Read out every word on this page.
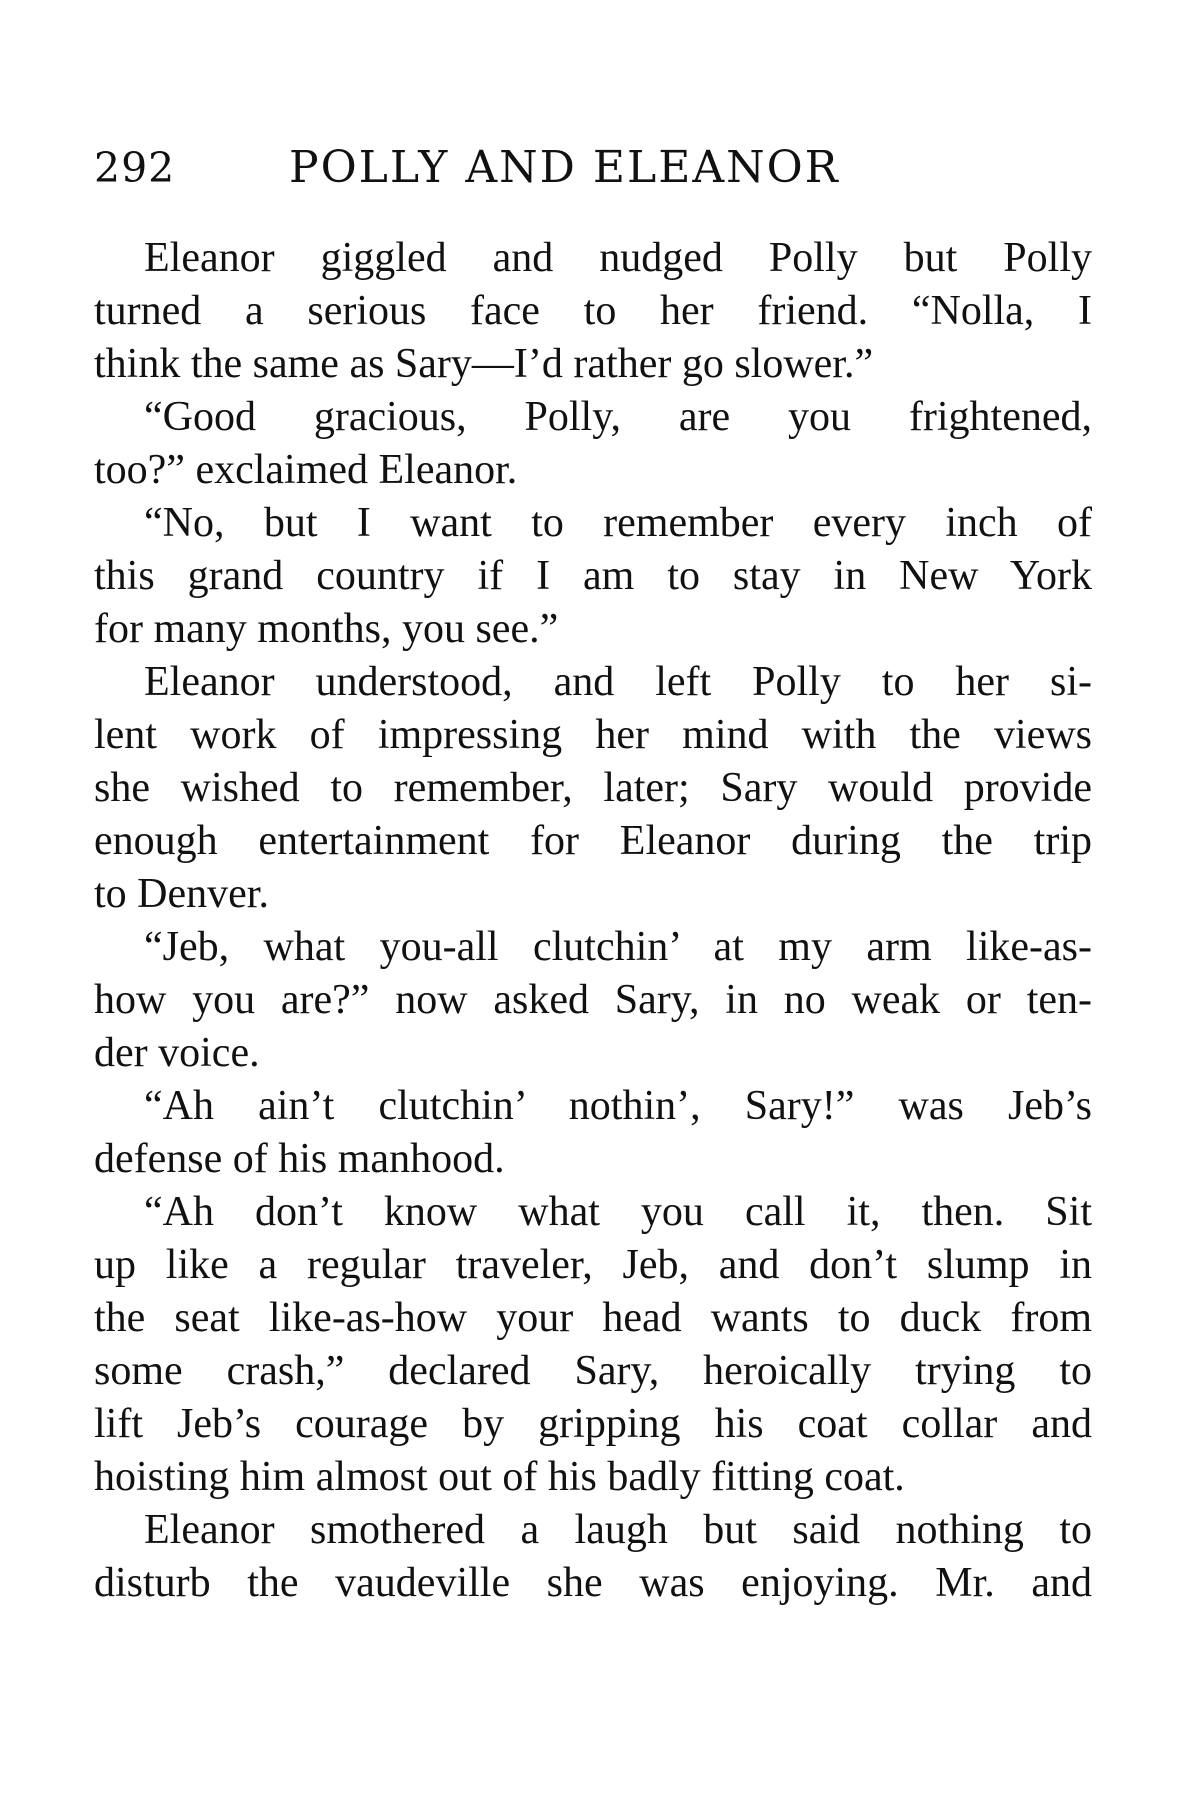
292	POLLY AND ELEANOR
Eleanor giggled and nudged Polly but Polly
turned a serious face to her friend. “Nolla, I
think the same as Sary—I’d rather go slower.”
“Good gracious, Polly, are you frightened,
too?” exclaimed Eleanor.
“No, but I want to remember every inch of
this grand country if I am to stay in New York
for many months, you see.”
Eleanor understood, and left Polly to her si-
lent work of impressing her mind with the views
she wished to remember, later; Sary would provide
enough entertainment for Eleanor during the trip
to Denver.
“Jeb, what you-all clutchin’ at my arm like-as-
how you are?” now asked Sary, in no weak or ten-
der voice.
“Ah ain’t clutchin’ nothin’, Sary!” was Jeb’s
defense of his manhood.
“Ah don’t know what you call it, then. Sit
up like a regular traveler, Jeb, and don’t slump in
the seat like-as-how your head wants to duck from
some crash,” declared Sary, heroically trying to
lift Jeb’s courage by gripping his coat collar and
hoisting him almost out of his badly fitting coat.
Eleanor smothered a laugh but said nothing to
disturb the vaudeville she was enjoying. Mr. and
